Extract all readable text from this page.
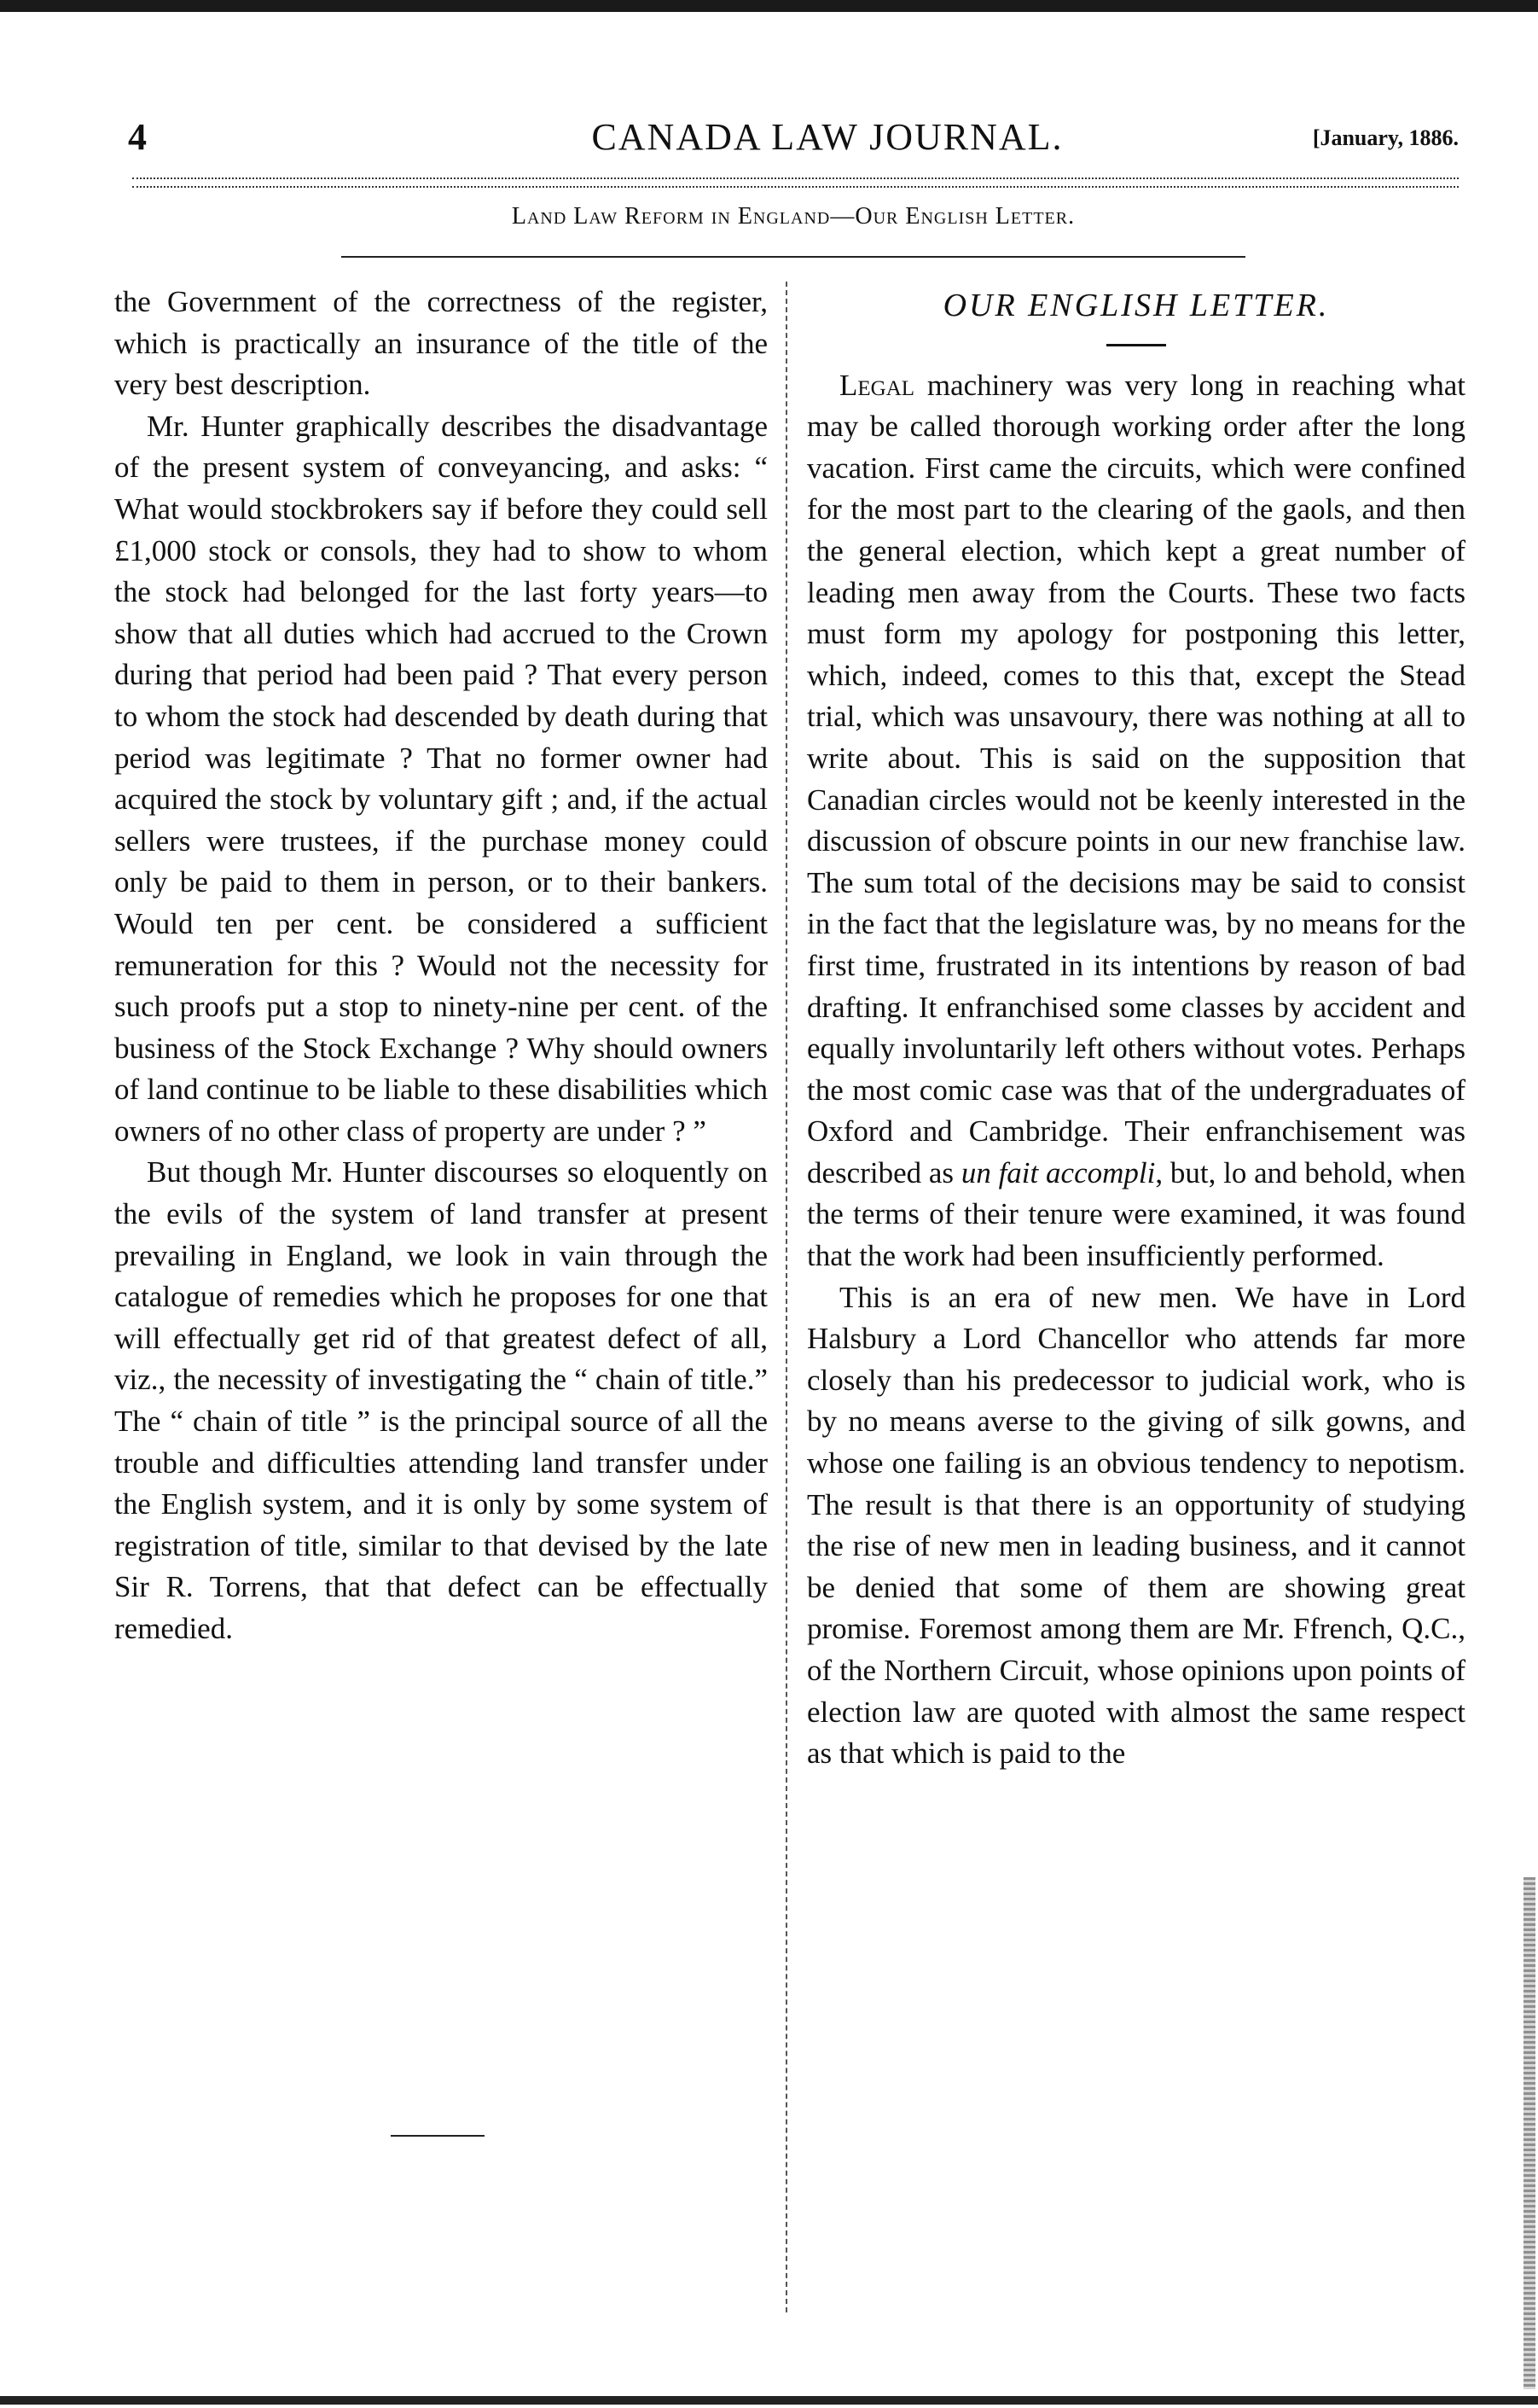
4	CANADA LAW JOURNAL.	[January, 1886.
Land Law Reform in England—Our English Letter.

the Government of the correctness of the register, which is practically an insurance of the title of the very best description.

Mr. Hunter graphically describes the disadvantage of the present system of conveyancing, and asks: “ What would stockbrokers say if before they could sell £1,000 stock or consols, they had to show to whom the stock had belonged for the last forty years—to show that all duties which had accrued to the Crown during that period had been paid ? That every person to whom the stock had descended by death during that period was legitimate ? That no former owner had acquired the stock by voluntary gift ; and, if the actual sellers were trustees, if the purchase money could only be paid to them in person, or to their bankers. Would ten per cent. be considered a sufficient remuneration for this ? Would not the necessity for such proofs put a stop to ninety-nine per cent. of the business of the Stock Exchange ? Why should owners of land continue to be liable to these disabilities which owners of no other class of property are under ? ”

But though Mr. Hunter discourses so eloquently on the evils of the system of land transfer at present prevailing in England, we look in vain through the catalogue of remedies which he proposes for one that will effectually get rid of that greatest defect of all, viz., the necessity of investigating the “ chain of title.” The “ chain of title ” is the principal source of all the trouble and difficulties attending land transfer under the English system, and it is only by some system of registration of title, similar to that devised by the late Sir R. Torrens, that that defect can be effectually remedied.

OUR ENGLISH LETTER.

Legal machinery was very long in reaching what may be called thorough working order after the long vacation. First came the circuits, which were confined for the most part to the clearing of the gaols, and then the general election, which kept a great number of leading men away from the Courts. These two facts must form my apology for postponing this letter, which, indeed, comes to this that, except the Stead trial, which was unsavoury, there was nothing at all to write about. This is said on the supposition that Canadian circles would not be keenly interested in the discussion of obscure points in our new franchise law. The sum total of the decisions may be said to consist in the fact that the legislature was, by no means for the first time, frustrated in its intentions by reason of bad drafting. It enfranchised some classes by accident and equally involuntarily left others without votes. Perhaps the most comic case was that of the undergraduates of Oxford and Cambridge. Their enfranchisement was described as un fait accompli, but, lo and behold, when the terms of their tenure were examined, it was found that the work had been insufficiently performed.

This is an era of new men. We have in Lord Halsbury a Lord Chancellor who attends far more closely than his predecessor to judicial work, who is by no means averse to the giving of silk gowns, and whose one failing is an obvious tendency to nepotism. The result is that there is an opportunity of studying the rise of new men in leading business, and it cannot be denied that some of them are showing great promise. Foremost among them are Mr. Ffrench, Q.C., of the Northern Circuit, whose opinions upon points of election law are quoted with almost the same respect as that which is paid to the
